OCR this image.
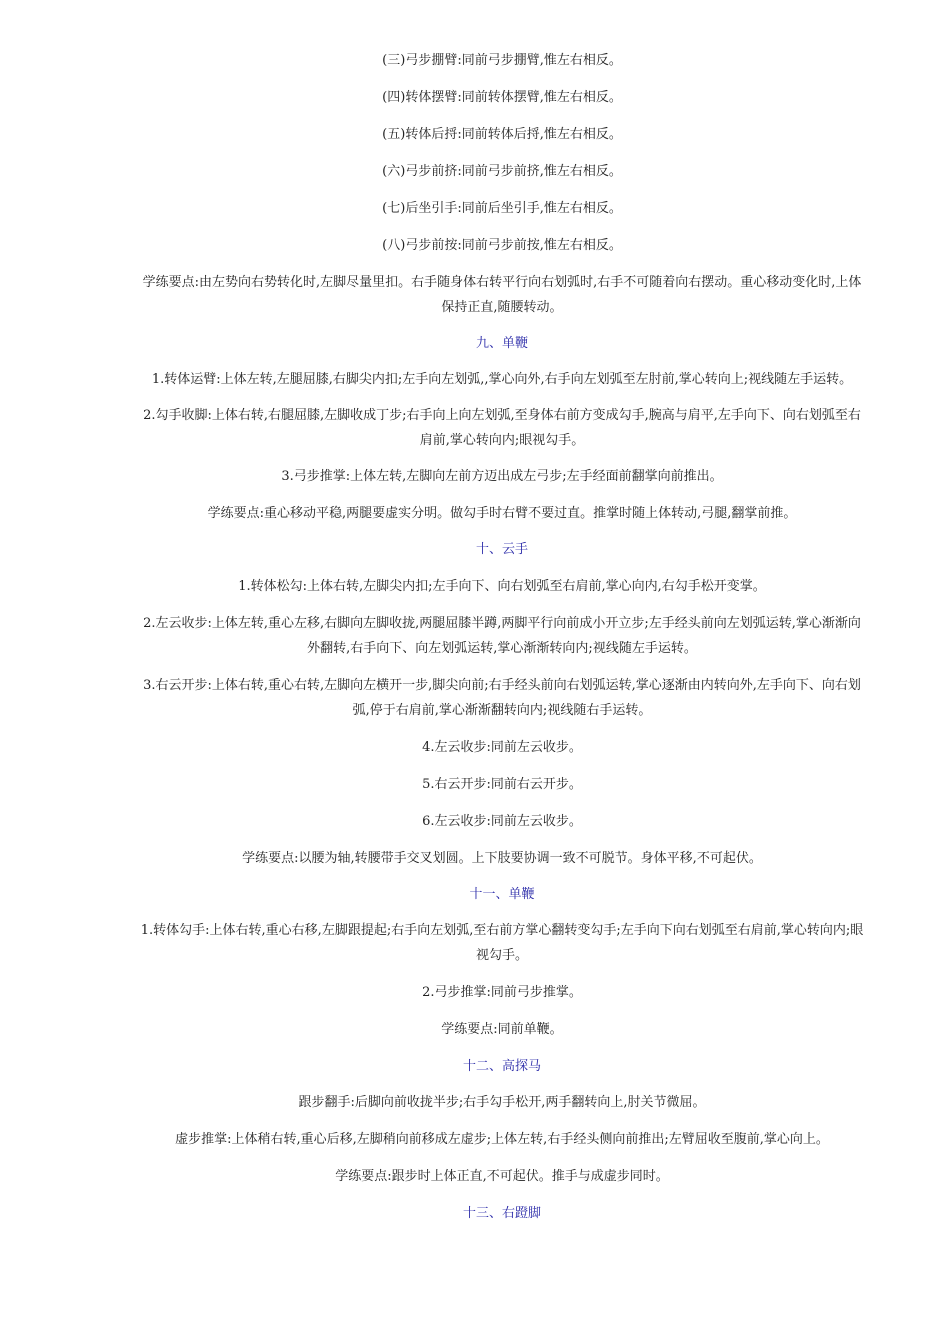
(三)弓步掤臂:同前弓步掤臂,惟左右相反。

(四)转体摆臂:同前转体摆臂,惟左右相反。

(五)转体后捋:同前转体后捋,惟左右相反。

(六)弓步前挤:同前弓步前挤,惟左右相反。

(七)后坐引手:同前后坐引手,惟左右相反。

(八)弓步前按:同前弓步前按,惟左右相反。

学练要点:由左势向右势转化时,左脚尽量里扣。右手随身体右转平行向右划弧时,右手不可随着向右摆动。重心移动变化时,上体保持正直,随腰转动。

九、单鞭

1.转体运臂:上体左转,左腿屈膝,右脚尖内扣;左手向左划弧,,掌心向外,右手向左划弧至左肘前,掌心转向上;视线随左手运转。

2.勾手收脚:上体右转,右腿屈膝,左脚收成丁步;右手向上向左划弧,至身体右前方变成勾手,腕高与肩平,左手向下、向右划弧至右肩前,掌心转向内;眼视勾手。

3.弓步推掌:上体左转,左脚向左前方迈出成左弓步;左手经面前翻掌向前推出。

学练要点:重心移动平稳,两腿要虚实分明。做勾手时右臂不要过直。推掌时随上体转动,弓腿,翻掌前推。

十、云手

1.转体松勾:上体右转,左脚尖内扣;左手向下、向右划弧至右肩前,掌心向内,右勾手松开变掌。

2.左云收步:上体左转,重心左移,右脚向左脚收拢,两腿屈膝半蹲,两脚平行向前成小开立步;左手经头前向左划弧运转,掌心渐渐向外翻转,右手向下、向左划弧运转,掌心渐渐转向内;视线随左手运转。

3.右云开步:上体右转,重心右转,左脚向左横开一步,脚尖向前;右手经头前向右划弧运转,掌心逐渐由内转向外,左手向下、向右划弧,停于右肩前,掌心渐渐翻转向内;视线随右手运转。

4.左云收步:同前左云收步。

5.右云开步:同前右云开步。

6.左云收步:同前左云收步。

学练要点:以腰为轴,转腰带手交叉划圆。上下肢要协调一致不可脱节。身体平移,不可起伏。

十一、单鞭

1.转体勾手:上体右转,重心右移,左脚跟提起;右手向左划弧,至右前方掌心翻转变勾手;左手向下向右划弧至右肩前,掌心转向内;眼视勾手。

2.弓步推掌:同前弓步推掌。

学练要点:同前单鞭。

十二、高探马

跟步翻手:后脚向前收拢半步;右手勾手松开,两手翻转向上,肘关节微屈。

虚步推掌:上体稍右转,重心后移,左脚稍向前移成左虚步;上体左转,右手经头侧向前推出;左臂屈收至腹前,掌心向上。

学练要点:跟步时上体正直,不可起伏。推手与成虚步同时。

十三、右蹬脚
